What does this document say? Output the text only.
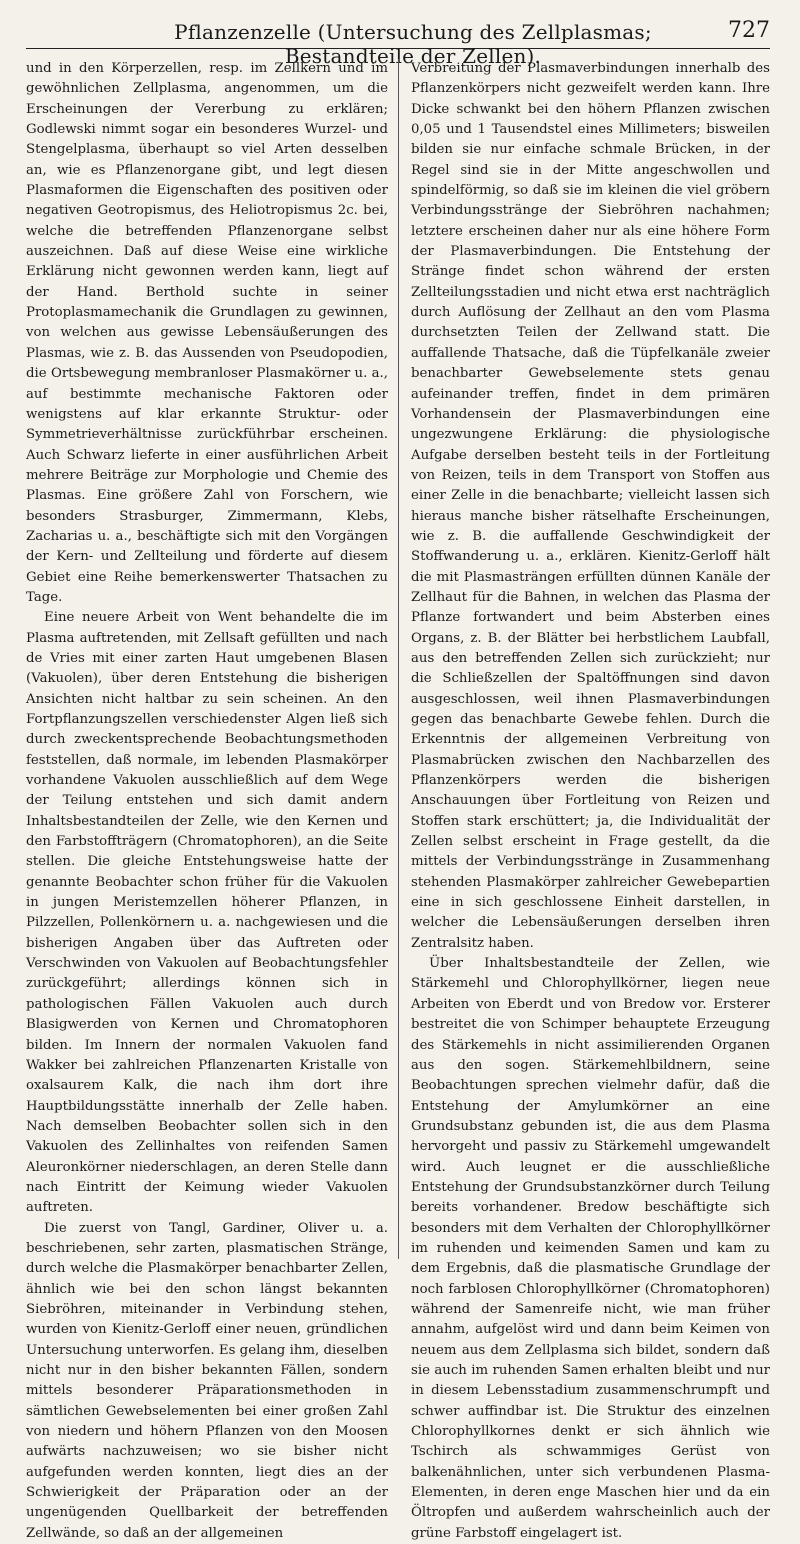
Pflanzenzelle (Untersuchung des Zellplasmas; Bestandteile der Zellen).
727

und in den Körperzellen, resp. im Zellkern und im gewöhnlichen Zellplasma, angenommen, um die Erscheinungen der Vererbung zu erklären; Godlewski nimmt sogar ein besonderes Wurzel- und Stengelplasma, überhaupt so viel Arten desselben an, wie es Pflanzenorgane gibt, und legt diesen Plasmaformen die Eigenschaften des positiven oder negativen Geotropismus, des Heliotropismus 2c. bei, welche die betreffenden Pflanzenorgane selbst auszeichnen. Daß auf diese Weise eine wirkliche Erklärung nicht gewonnen werden kann, liegt auf der Hand. Berthold suchte in seiner Protoplasmamechanik die Grundlagen zu gewinnen, von welchen aus gewisse Lebensäußerungen des Plasmas, wie z. B. das Aussenden von Pseudopodien, die Ortsbewegung membranloser Plasmakörner u. a., auf bestimmte mechanische Faktoren oder wenigstens auf klar erkannte Struktur- oder Symmetrieverhältnisse zurückführbar erscheinen. Auch Schwarz lieferte in einer ausführlichen Arbeit mehrere Beiträge zur Morphologie und Chemie des Plasmas. Eine größere Zahl von Forschern, wie besonders Strasburger, Zimmermann, Klebs, Zacharias u. a., beschäftigte sich mit den Vorgängen der Kern- und Zellteilung und förderte auf diesem Gebiet eine Reihe bemerkenswerter Thatsachen zu Tage.

Eine neuere Arbeit von Went behandelte die im Plasma auftretenden, mit Zellsaft gefüllten und nach de Vries mit einer zarten Haut umgebenen Blasen (Vakuolen), über deren Entstehung die bisherigen Ansichten nicht haltbar zu sein scheinen. An den Fortpflanzungszellen verschiedenster Algen ließ sich durch zweckentsprechende Beobachtungsmethoden feststellen, daß normale, im lebenden Plasmakörper vorhandene Vakuolen ausschließlich auf dem Wege der Teilung entstehen und sich damit andern Inhaltsbestandteilen der Zelle, wie den Kernen und den Farbstoffträgern (Chromatophoren), an die Seite stellen. Die gleiche Entstehungsweise hatte der genannte Beobachter schon früher für die Vakuolen in jungen Meristemzellen höherer Pflanzen, in Pilzzellen, Pollenkörnern u. a. nachgewiesen und die bisherigen Angaben über das Auftreten oder Verschwinden von Vakuolen auf Beobachtungsfehler zurückgeführt; allerdings können sich in pathologischen Fällen Vakuolen auch durch Blasigwerden von Kernen und Chromatophoren bilden. Im Innern der normalen Vakuolen fand Wakker bei zahlreichen Pflanzenarten Kristalle von oxalsaurem Kalk, die nach ihm dort ihre Hauptbildungsstätte innerhalb der Zelle haben. Nach demselben Beobachter sollen sich in den Vakuolen des Zellinhaltes von reifenden Samen Aleuronkörner niederschlagen, an deren Stelle dann nach Eintritt der Keimung wieder Vakuolen auftreten.

Die zuerst von Tangl, Gardiner, Oliver u. a. beschriebenen, sehr zarten, plasmatischen Stränge, durch welche die Plasmakörper benachbarter Zellen, ähnlich wie bei den schon längst bekannten Siebröhren, miteinander in Verbindung stehen, wurden von Kienitz-Gerloff einer neuen, gründlichen Untersuchung unterworfen. Es gelang ihm, dieselben nicht nur in den bisher bekannten Fällen, sondern mittels besonderer Präparationsmethoden in sämtlichen Gewebselementen bei einer großen Zahl von niedern und höhern Pflanzen von den Moosen aufwärts nachzuweisen; wo sie bisher nicht aufgefunden werden konnten, liegt dies an der Schwierigkeit der Präparation oder an der ungenügenden Quellbarkeit der betreffenden Zellwände, so daß an der allgemeinen

Verbreitung der Plasmaverbindungen innerhalb des Pflanzenkörpers nicht gezweifelt werden kann. Ihre Dicke schwankt bei den höhern Pflanzen zwischen 0,05 und 1 Tausendstel eines Millimeters; bisweilen bilden sie nur einfache schmale Brücken, in der Regel sind sie in der Mitte angeschwollen und spindelförmig, so daß sie im kleinen die viel gröbern Verbindungsstränge der Siebröhren nachahmen; letztere erscheinen daher nur als eine höhere Form der Plasmaverbindungen. Die Entstehung der Stränge findet schon während der ersten Zellteilungsstadien und nicht etwa erst nachträglich durch Auflösung der Zellhaut an den vom Plasma durchsetzten Teilen der Zellwand statt. Die auffallende Thatsache, daß die Tüpfelkanäle zweier benachbarter Gewebselemente stets genau aufeinander treffen, findet in dem primären Vorhandensein der Plasmaverbindungen eine ungezwungene Erklärung: die physiologische Aufgabe derselben besteht teils in der Fortleitung von Reizen, teils in dem Transport von Stoffen aus einer Zelle in die benachbarte; vielleicht lassen sich hieraus manche bisher rätselhafte Erscheinungen, wie z. B. die auffallende Geschwindigkeit der Stoffwanderung u. a., erklären. Kienitz-Gerloff hält die mit Plasmasträngen erfüllten dünnen Kanäle der Zellhaut für die Bahnen, in welchen das Plasma der Pflanze fortwandert und beim Absterben eines Organs, z. B. der Blätter bei herbstlichem Laubfall, aus den betreffenden Zellen sich zurückzieht; nur die Schließzellen der Spaltöffnungen sind davon ausgeschlossen, weil ihnen Plasmaverbindungen gegen das benachbarte Gewebe fehlen. Durch die Erkenntnis der allgemeinen Verbreitung von Plasmabrücken zwischen den Nachbarzellen des Pflanzenkörpers werden die bisherigen Anschauungen über Fortleitung von Reizen und Stoffen stark erschüttert; ja, die Individualität der Zellen selbst erscheint in Frage gestellt, da die mittels der Verbindungsstränge in Zusammenhang stehenden Plasmakörper zahlreicher Gewebepartien eine in sich geschlossene Einheit darstellen, in welcher die Lebensäußerungen derselben ihren Zentralsitz haben.

Über Inhaltsbestandteile der Zellen, wie Stärkemehl und Chlorophyllkörner, liegen neue Arbeiten von Eberdt und von Bredow vor. Ersterer bestreitet die von Schimper behauptete Erzeugung des Stärkemehls in nicht assimilierenden Organen aus den sogen. Stärkemehlbildnern, seine Beobachtungen sprechen vielmehr dafür, daß die Entstehung der Amylumkörner an eine Grundsubstanz gebunden ist, die aus dem Plasma hervorgeht und passiv zu Stärkemehl umgewandelt wird. Auch leugnet er die ausschließliche Entstehung der Grundsubstanzkörner durch Teilung bereits vorhandener. Bredow beschäftigte sich besonders mit dem Verhalten der Chlorophyllkörner im ruhenden und keimenden Samen und kam zu dem Ergebnis, daß die plasmatische Grundlage der noch farblosen Chlorophyllkörner (Chromatophoren) während der Samenreife nicht, wie man früher annahm, aufgelöst wird und dann beim Keimen von neuem aus dem Zellplasma sich bildet, sondern daß sie auch im ruhenden Samen erhalten bleibt und nur in diesem Lebensstadium zusammenschrumpft und schwer auffindbar ist. Die Struktur des einzelnen Chlorophyllkornes denkt er sich ähnlich wie Tschirch als schwammiges Gerüst von balkenähnlichen, unter sich verbundenen Plasma-Elementen, in deren enge Maschen hier und da ein Öltropfen und außerdem wahrscheinlich auch der grüne Farbstoff eingelagert ist.
